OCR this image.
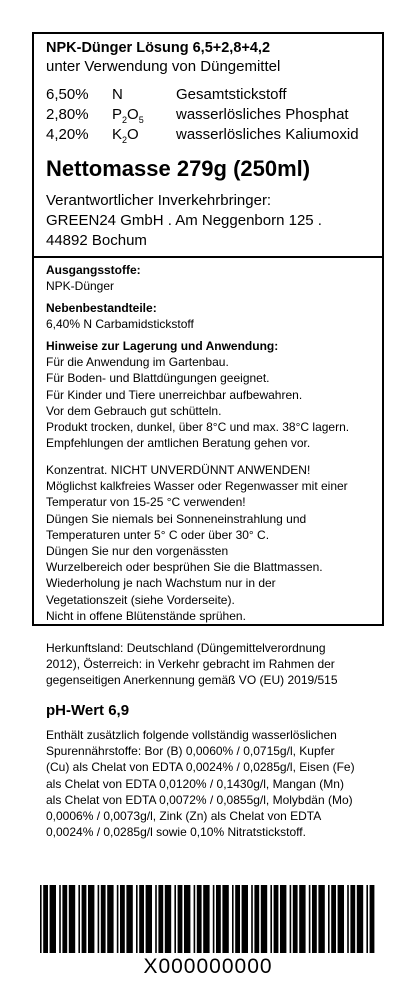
NPK-Dünger Lösung 6,5+2,8+4,2
unter Verwendung von Düngemittel
6,50% N	Gesamtstickstoff
2,80% $P_2O_5$ wasserlösliches Phosphat
4,20% $K_2O$ wasserlösliches Kaliumoxid
Nettomasse 279g (250ml)
Verantwortlicher Inverkehrbringer:
GREEN24 GmbH . Am Neggenborn 125 .
44892 Bochum
Ausgangsstoffe:
NPK-Dünger
Nebenbestandteile:
6,40% N Carbamidstickstoff
Hinweise zur Lagerung und Anwendung:
Für die Anwendung im Gartenbau.
Für Boden- und Blattdüngungen geeignet.
Für Kinder und Tiere unerreichbar aufbewahren.
Vor dem Gebrauch gut schütteln.
Produkt trocken, dunkel, über 8°C und max. 38°C lagern.
Empfehlungen der amtlichen Beratung gehen vor.
Konzentrat. NICHT UNVERDÜNNT ANWENDEN!
Möglichst kalkfreies Wasser oder Regenwasser mit einer
Temperatur von 15-25 °C verwenden!
Düngen Sie niemals bei Sonneneinstrahlung und
Temperaturen unter 5° C oder über 30° C.
Düngen Sie nur den vorgenässten
Wurzelbereich oder besprühen Sie die Blattmassen.
Wiederholung je nach Wachstum nur in der
Vegetationszeit (siehe Vorderseite).
Nicht in offene Blütenstände sprühen.
Herkunftsland: Deutschland (Düngemittelverordnung
2012), Österreich: in Verkehr gebracht im Rahmen der
gegenseitigen Anerkennung gemäß VO (EU) 2019/515
pH-Wert 6,9
Enthält zusätzlich folgende vollständig wasserlöslichen
Spurennährstoffe: Bor (B) 0,0060% / 0,0715g/l, Kupfer
(Cu) als Chelat von EDTA 0,0024% / 0,0285g/l, Eisen (Fe)
als Chelat von EDTA 0,0120% / 0,1430g/l, Mangan (Mn)
als Chelat von EDTA 0,0072% / 0,0855g/l, Molybdän (Mo)
0,0006% / 0,0073g/l, Zink (Zn) als Chelat von EDTA
0,0024% / 0,0285g/l sowie 0,10% Nitratstickstoff.
X000000000
